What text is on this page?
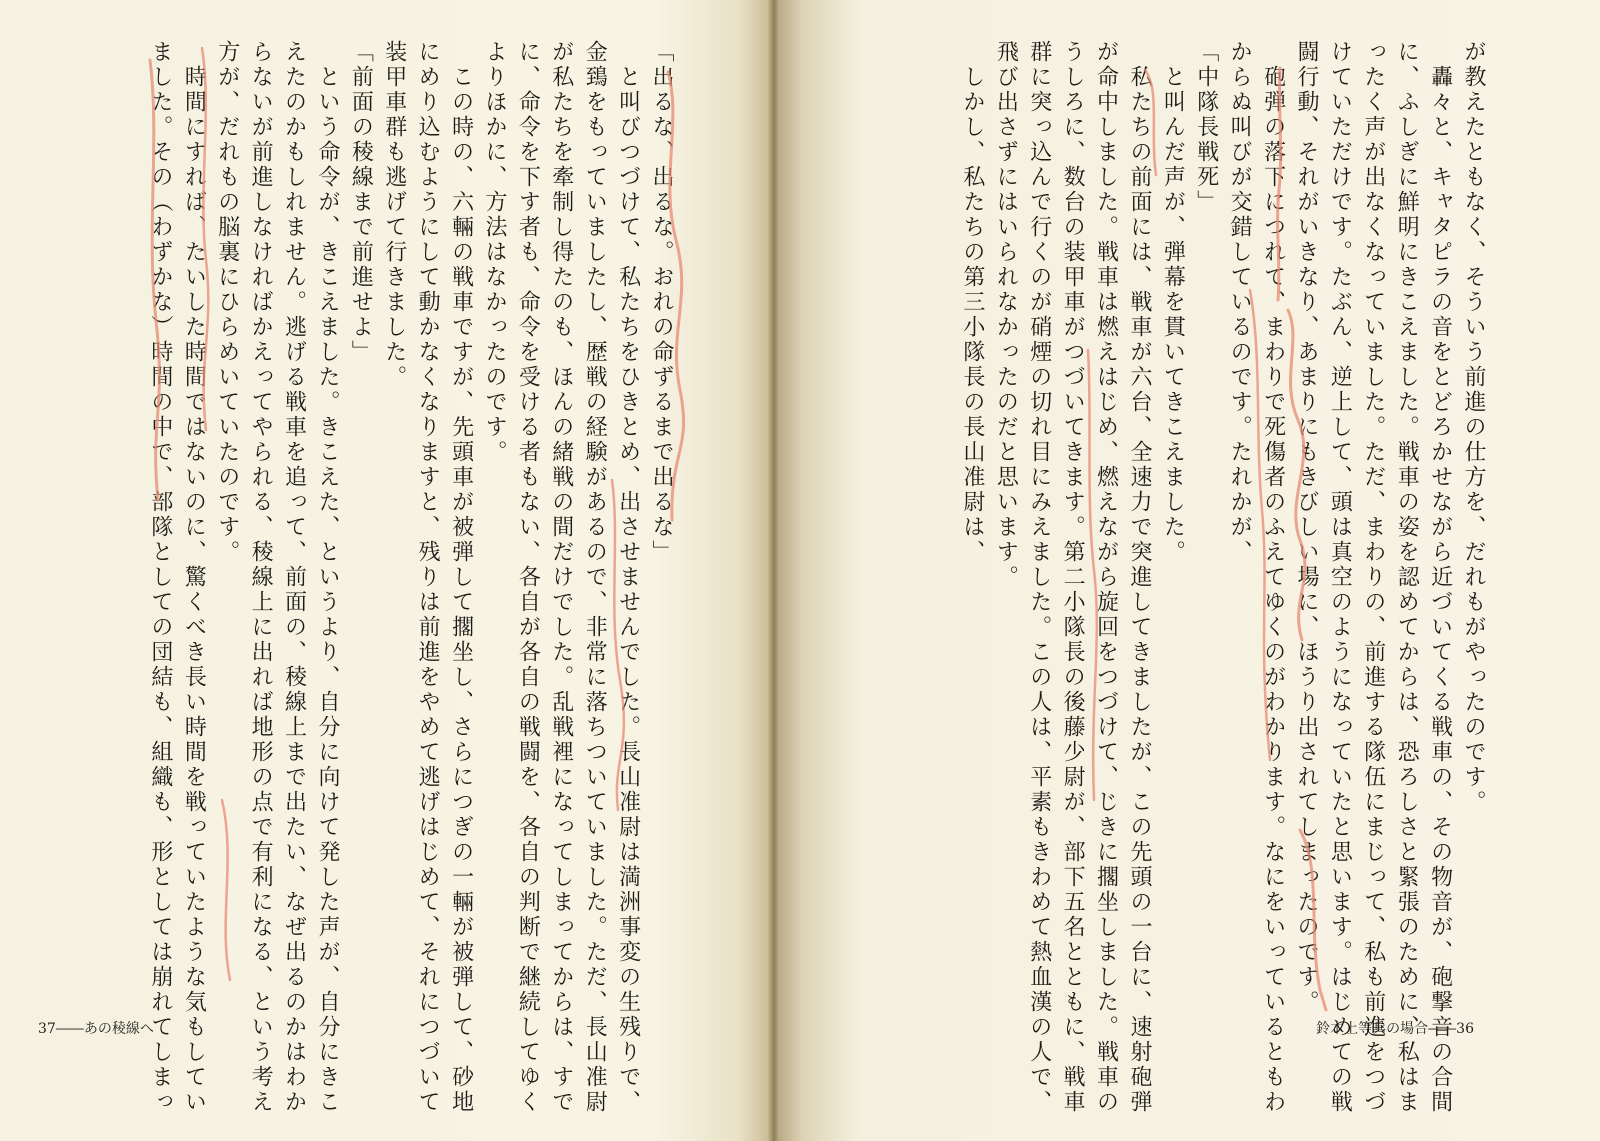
「出るな、出るな。おれの命ずるまで出るな」
　と叫びつづけて、私たちをひきとめ、出させませんでした。長山准尉は満洲事変の生残りで、
金鵄をもっていましたし、歴戦の経験があるので、非常に落ちついていました。ただ、長山准尉
が私たちを牽制し得たのも、ほんの緒戦の間だけでした。乱戦裡になってしまってからは、すで
に、命令を下す者も、命令を受ける者もない、各自が各自の戦闘を、各自の判断で継続してゆく
よりほかに、方法はなかったのです。
　この時の、六輛の戦車ですが、先頭車が被弾して擱坐し、さらにつぎの一輛が被弾して、砂地
にめり込むようにして動かなくなりますと、残りは前進をやめて逃げはじめて、それにつづいて
装甲車群も逃げて行きました。
「前面の稜線まで前進せよ」
　という命令が、きこえました。きこえた、というより、自分に向けて発した声が、自分にきこ
えたのかもしれません。逃げる戦車を追って、前面の、稜線上まで出たい、なぜ出るのかはわか
らないが前進しなければかえってやられる、稜線上に出れば地形の点で有利になる、という考え
方が、だれもの脳裏にひらめいていたのです。
　時間にすれば、たいした時間ではないのに、驚くべき長い時間を戦っていたような気もしてい
ました。その（わずかな）時間の中で、部隊としての団結も、組織も、形としては崩れてしまっ
37――あの稜線へ
が教えたともなく、そういう前進の仕方を、だれもがやったのです。
　轟々と、キャタピラの音をとどろかせながら近づいてくる戦車の、その物音が、砲撃音の合間
に、ふしぎに鮮明にきこえました。戦車の姿を認めてからは、恐ろしさと緊張のために、私はま
ったく声が出なくなっていました。ただ、まわりの、前進する隊伍にまじって、私も前進をつづ
けていただけです。たぶん、逆上して、頭は真空のようになっていたと思います。はじめての戦
闘行動、それがいきなり、あまりにもきびしい場に、ほうり出されてしまったのです。
　砲弾の落下につれて、まわりで死傷者のふえてゆくのがわかります。なにをいっているともわ
からぬ叫びが交錯しているのです。たれかが、
「中隊長戦死」
　と叫んだ声が、弾幕を貫いてきこえました。
　私たちの前面には、戦車が六台、全速力で突進してきましたが、この先頭の一台に、速射砲弾
が命中しました。戦車は燃えはじめ、燃えながら旋回をつづけて、じきに擱坐しました。戦車の
うしろに、数台の装甲車がつづいてきます。第二小隊長の後藤少尉が、部下五名とともに、戦車
群に突っ込んで行くのが硝煙の切れ目にみえました。この人は、平素もきわめて熱血漢の人で、
飛び出さずにはいられなかったのだと思います。
　しかし、私たちの第三小隊長の長山准尉は、
鈴木上等兵の場合――36
